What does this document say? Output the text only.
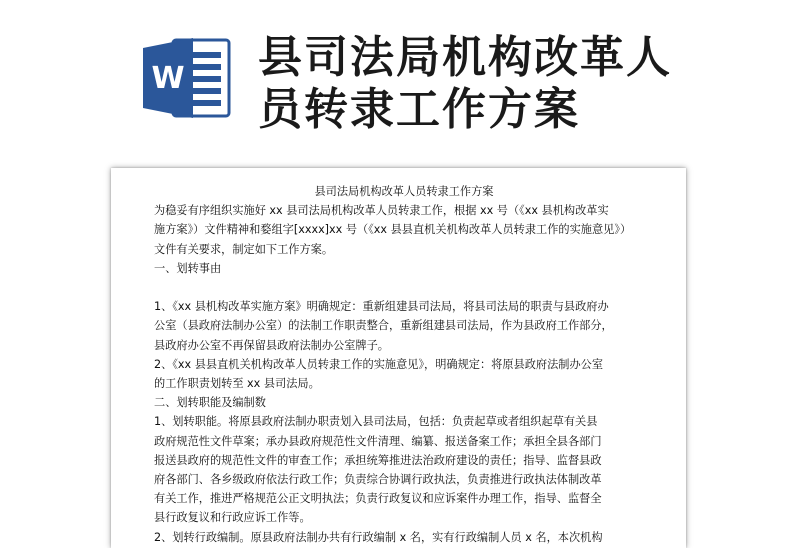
W 县司法局机构改革人
员转隶工作方案

县司法局机构改革人员转隶工作方案

为稳妥有序组织实施好 xx 县司法局机构改革人员转隶工作，根据 xx 号（《xx 县机构改革实

施方案》）文件精神和婺组字[xxxx]xx 号（《xx 县县直机关机构改革人员转隶工作的实施意见》）

文件有关要求，制定如下工作方案。

一、划转事由

1、《xx 县机构改革实施方案》明确规定：重新组建县司法局，将县司法局的职责与县政府办

公室（县政府法制办公室）的法制工作职责整合，重新组建县司法局，作为县政府工作部分，

县政府办公室不再保留县政府法制办公室牌子。

2、《xx 县县直机关机构改革人员转隶工作的实施意见》，明确规定：将原县政府法制办公室

的工作职责划转至 xx 县司法局。

二、划转职能及编制数

1、划转职能。将原县政府法制办职责划入县司法局，包括：负责起草或者组织起草有关县

政府规范性文件草案；承办县政府规范性文件清理、编纂、报送备案工作；承担全县各部门

报送县政府的规范性文件的审查工作；承担统筹推进法治政府建设的责任；指导、监督县政

府各部门、各乡级政府依法行政工作；负责综合协调行政执法，负责推进行政执法体制改革

有关工作，推进严格规范公正文明执法；负责行政复议和应诉案件办理工作，指导、监督全

县行政复议和行政应诉工作等。

2、划转行政编制。原县政府法制办共有行政编制 x 名，实有行政编制人员 x 名，本次机构
